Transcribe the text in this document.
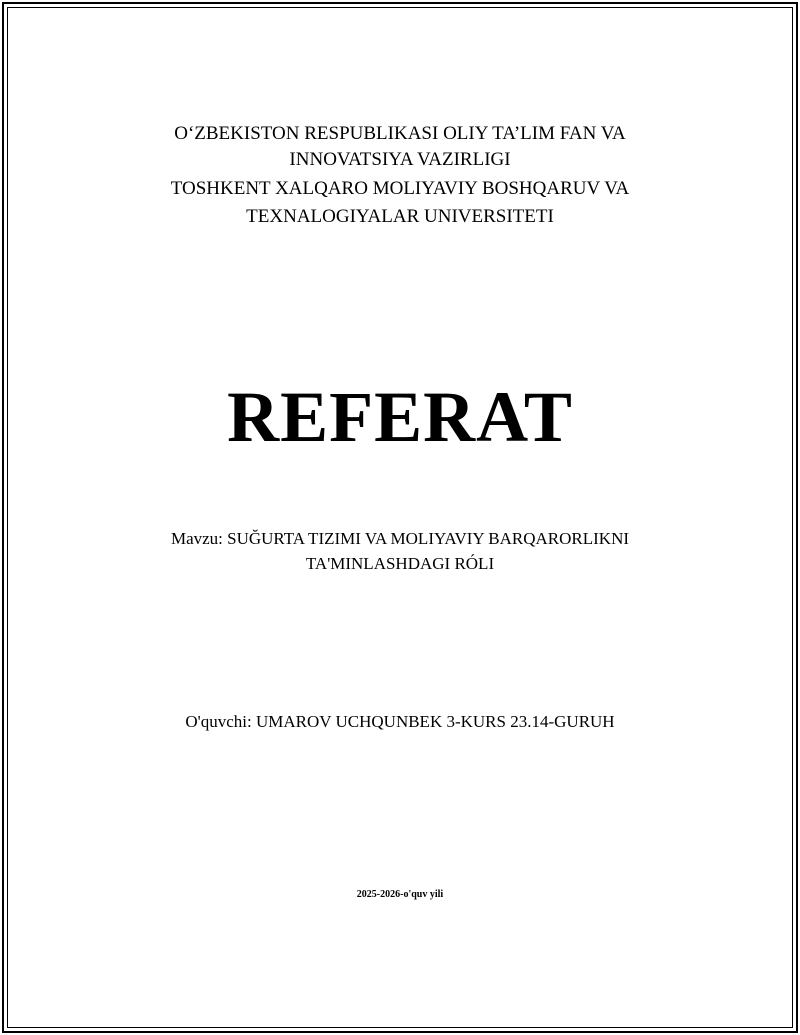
O‘ZBEKISTON RESPUBLIKASI OLIY TA’LIM FAN VA
INNOVATSIYA VAZIRLIGI
TOSHKENT XALQARO MOLIYAVIY BOSHQARUV VA
TEXNALOGIYALAR UNIVERSITETI
REFERAT
Mavzu: SUĞURTA TIZIMI VA MOLIYAVIY BARQARORLIKNI
TA'MINLASHDAGI RÓLI
O'quvchi: UMAROV UCHQUNBEK 3-KURS 23.14-GURUH
2025-2026-o'quv yili
